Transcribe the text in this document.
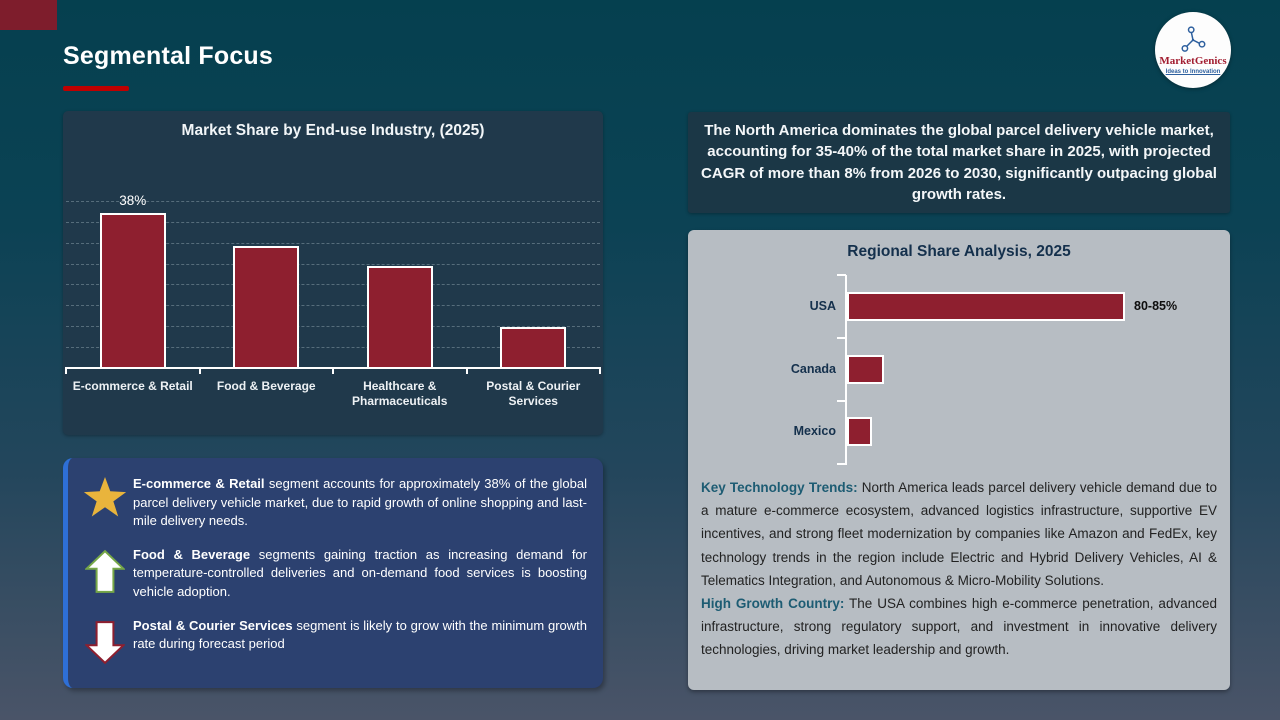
Segmental Focus	MarketGenics
Ideas to Innovation
Market Share by End-use Industry, (2025)
38%
E-commerce & Retail	Food & Beverage	Healthcare & Pharmaceuticals
Postal & Courier Services
E-commerce & Retail segment accounts for approximately 38% of the global parcel delivery vehicle market, due to rapid growth of online shopping and last-mile delivery needs.
Food & Beverage segments gaining traction as increasing demand for temperature-controlled deliveries and on-demand food services is boosting vehicle adoption.
Postal & Courier Services segment is likely to grow with the minimum growth rate during forecast period
The North America dominates the global parcel delivery vehicle market, accounting for 35-40% of the total market share in 2025, with projected CAGR of more than 8% from 2026 to 2030, significantly outpacing global growth rates.
Regional Share Analysis, 2025
USA	80-85%
Canada
Mexico
Key Technology Trends: North America leads parcel delivery vehicle demand due to a mature e-commerce ecosystem, advanced logistics infrastructure, supportive EV incentives, and strong fleet modernization by companies like Amazon and FedEx, key technology trends in the region include Electric and Hybrid Delivery Vehicles, AI & Telematics Integration, and Autonomous & Micro-Mobility Solutions.
High Growth Country: The USA combines high e-commerce penetration, advanced infrastructure, strong regulatory support, and investment in innovative delivery technologies, driving market leadership and growth.
